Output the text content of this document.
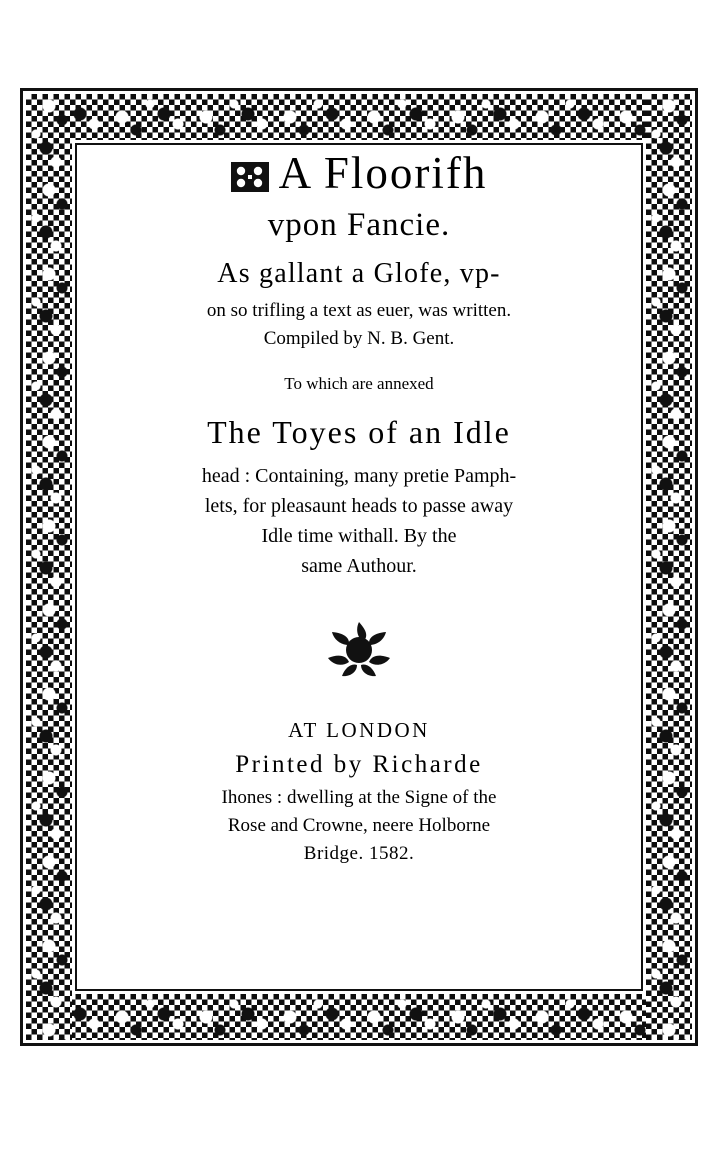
A Floorifh

vpon Fancie.

As gallant a Glofe, vp-

on so trifling a text as euer, was written.

Compiled by N. B. Gent.

To which are annexed

The Toyes of an Idle

head : Containing, many pretie Pamph-

lets, for pleasaunt heads to passe away

Idle time withall. By the

same Authour.

AT LONDON

Printed by Richarde

Ihones : dwelling at the Signe of the

Rose and Crowne, neere Holborne

Bridge. 1582.
